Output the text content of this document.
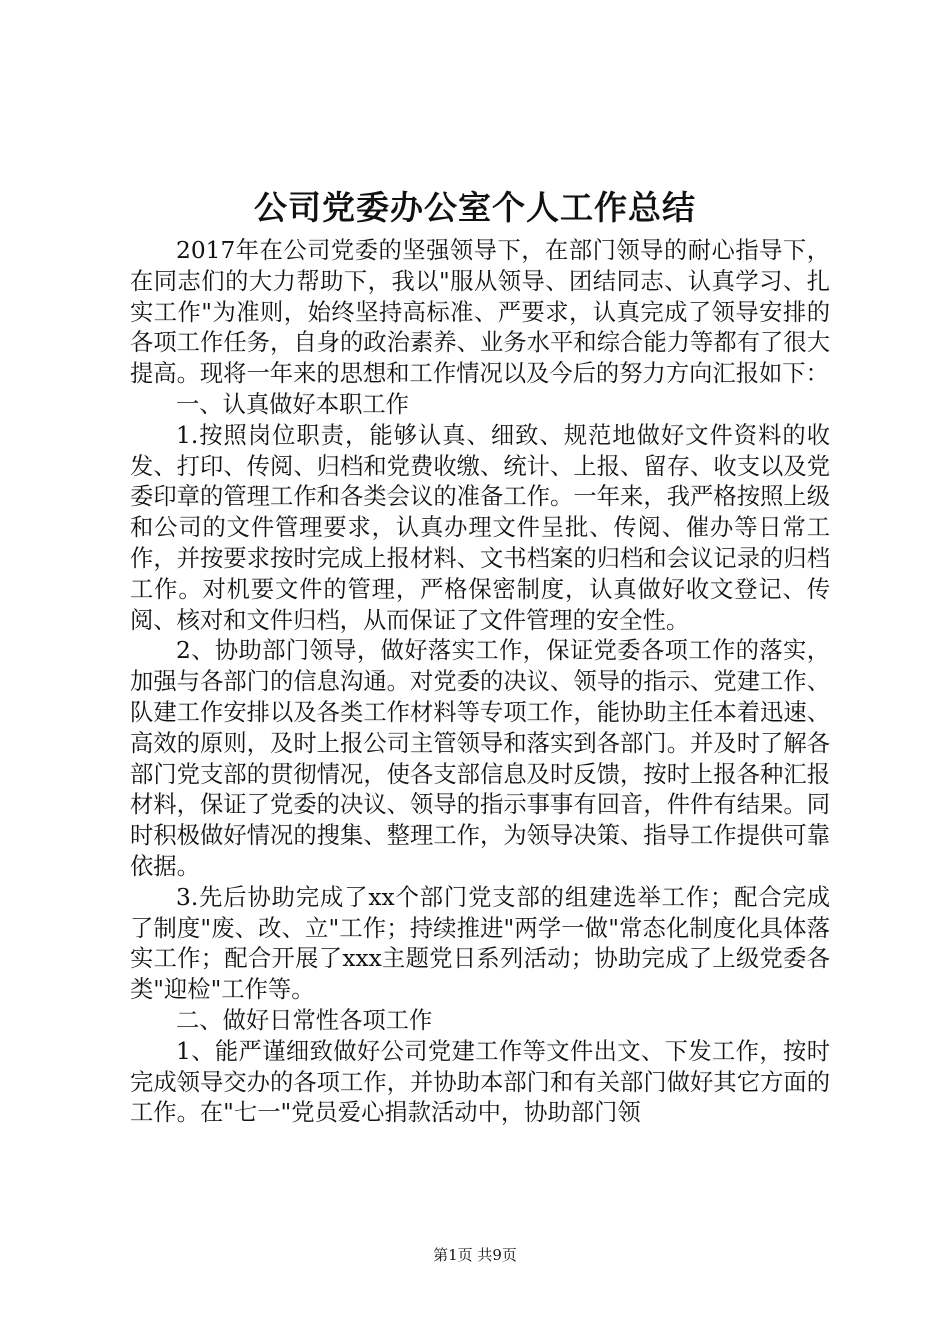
公司党委办公室个人工作总结

2017年在公司党委的坚强领导下，在部门领导的耐心指导下，在同志们的大力帮助下，我以"服从领导、团结同志、认真学习、扎实工作"为准则，始终坚持高标准、严要求，认真完成了领导安排的各项工作任务，自身的政治素养、业务水平和综合能力等都有了很大提高。现将一年来的思想和工作情况以及今后的努力方向汇报如下：

一、认真做好本职工作

1.按照岗位职责，能够认真、细致、规范地做好文件资料的收发、打印、传阅、归档和党费收缴、统计、上报、留存、收支以及党委印章的管理工作和各类会议的准备工作。一年来，我严格按照上级和公司的文件管理要求，认真办理文件呈批、传阅、催办等日常工作，并按要求按时完成上报材料、文书档案的归档和会议记录的归档工作。对机要文件的管理，严格保密制度，认真做好收文登记、传阅、核对和文件归档，从而保证了文件管理的安全性。

2、协助部门领导，做好落实工作，保证党委各项工作的落实，加强与各部门的信息沟通。对党委的决议、领导的指示、党建工作、队建工作安排以及各类工作材料等专项工作，能协助主任本着迅速、高效的原则，及时上报公司主管领导和落实到各部门。并及时了解各部门党支部的贯彻情况，使各支部信息及时反馈，按时上报各种汇报材料，保证了党委的决议、领导的指示事事有回音，件件有结果。同时积极做好情况的搜集、整理工作，为领导决策、指导工作提供可靠依据。

3.先后协助完成了xx个部门党支部的组建选举工作；配合完成了制度"废、改、立"工作；持续推进"两学一做"常态化制度化具体落实工作；配合开展了xxx主题党日系列活动；协助完成了上级党委各类"迎检"工作等。

二、做好日常性各项工作

1、能严谨细致做好公司党建工作等文件出文、下发工作，按时完成领导交办的各项工作，并协助本部门和有关部门做好其它方面的工作。在"七一"党员爱心捐款活动中，协助部门领

第1页 共9页
